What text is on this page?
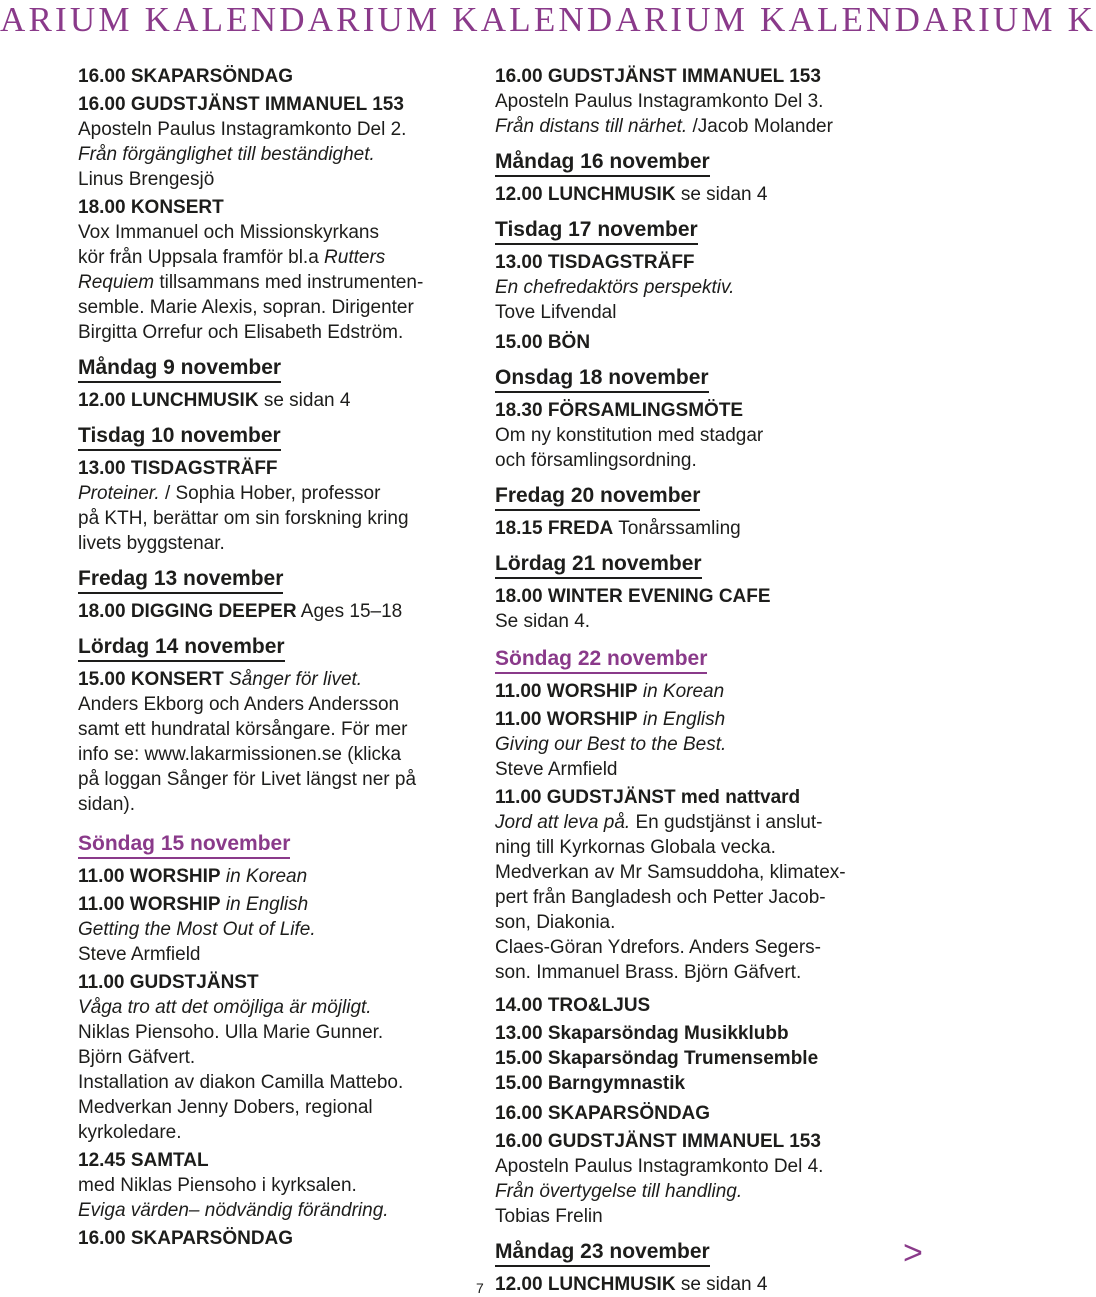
ARIUM KALENDARIUM KALENDARIUM KALENDARIUM K

16.00 SKAPARSÖNDAG

16.00 GUDSTJÄNST IMMANUEL 153

Aposteln Paulus Instagramkonto Del 2.

Från förgänglighet till beständighet.

Linus Brengesjö

18.00 KONSERT

Vox Immanuel och Missionskyrkans

kör från Uppsala framför bl.a Rutters

Requiem tillsammans med instrumenten-

semble. Marie Alexis, sopran. Dirigenter

Birgitta Orrefur och Elisabeth Edström.

Måndag 9 november

12.00 LUNCHMUSIK se sidan 4

Tisdag 10 november

13.00 TISDAGSTRÄFF

Proteiner. / Sophia Hober, professor

på KTH, berättar om sin forskning kring

livets byggstenar.

Fredag 13 november

18.00 DIGGING DEEPER Ages 15–18

Lördag 14 november

15.00 KONSERT Sånger för livet.

Anders Ekborg och Anders Andersson

samt ett hundratal körsångare. För mer

info se: www.lakarmissionen.se (klicka

på loggan Sånger för Livet längst ner på

sidan).

Söndag 15 november

11.00 WORSHIP in Korean

11.00 WORSHIP in English

Getting the Most Out of Life.

Steve Armfield

11.00 GUDSTJÄNST

Våga tro att det omöjliga är möjligt.

Niklas Piensoho. Ulla Marie Gunner.

Björn Gäfvert.

Installation av diakon Camilla Mattebo.

Medverkan Jenny Dobers, regional

kyrkoledare.

12.45 SAMTAL

med Niklas Piensoho i kyrksalen.

Eviga värden– nödvändig förändring.

16.00 SKAPARSÖNDAG

16.00 GUDSTJÄNST IMMANUEL 153

Aposteln Paulus Instagramkonto Del 3.

Från distans till närhet. /Jacob Molander

Måndag 16 november

12.00 LUNCHMUSIK se sidan 4

Tisdag 17 november

13.00 TISDAGSTRÄFF

En chefredaktörs perspektiv.

Tove Lifvendal

15.00 BÖN

Onsdag 18 november

18.30 FÖRSAMLINGSMÖTE

Om ny konstitution med stadgar

och församlingsordning.

Fredag 20 november

18.15 FREDA Tonårssamling

Lördag 21 november

18.00 WINTER EVENING CAFE

Se sidan 4.

Söndag 22 november

11.00 WORSHIP in Korean

11.00 WORSHIP in English

Giving our Best to the Best.

Steve Armfield

11.00 GUDSTJÄNST med nattvard

Jord att leva på. En gudstjänst i anslut-

ning till Kyrkornas Globala vecka.

Medverkan av Mr Samsuddoha, klimatex-

pert från Bangladesh och Petter Jacob-

son, Diakonia.

Claes-Göran Ydrefors. Anders Segers-

son. Immanuel Brass. Björn Gäfvert.

14.00 TRO&LJUS

13.00 Skaparsöndag Musikklubb

15.00 Skaparsöndag Trumensemble

15.00 Barngymnastik

16.00 SKAPARSÖNDAG

16.00 GUDSTJÄNST IMMANUEL 153

Aposteln Paulus Instagramkonto Del 4.

Från övertygelse till handling.

Tobias Frelin

Måndag 23 november

12.00 LUNCHMUSIK se sidan 4

>
7
